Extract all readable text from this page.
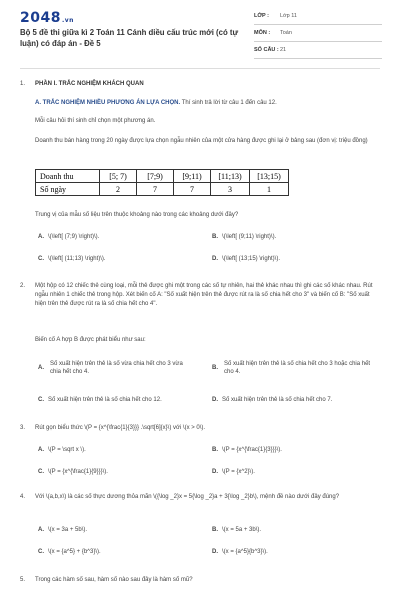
2048.vn
Bộ 5 đề thi giữa kì 2 Toán 11 Cánh diều cấu trúc mới (có tự luận) có đáp án - Đề 5
LỚP :	Lớp 11
MÔN :	Toán
SỐ CÂU : 21
1.	PHẦN I. TRẮC NGHIỆM KHÁCH QUAN
A. TRẮC NGHIỆM NHIỀU PHƯƠNG ÁN LỰA CHỌN. Thí sinh trả lời từ câu 1 đến câu 12.
Mỗi câu hỏi thí sinh chỉ chọn một phương án.
Doanh thu bán hàng trong 20 ngày được lựa chọn ngẫu nhiên của một cửa hàng được ghi lại ở bảng sau (đơn vị: triệu đồng)
Doanh thu	[5; 7)	[7;9)	[9;11)	[11;13)	[13;15)
Số ngày	2	7	7	3	1
Trung vị của mẫu số liệu trên thuộc khoảng nào trong các khoảng dưới đây?
A. \(\left[ (7;9) \right)\).	B. \(\left[ (9;11) \right)\).
C. \(\left[ (11;13) \right)\).	D. \(\left[ (13;15) \right)\).
2.	Một hộp có 12 chiếc thẻ cùng loại, mỗi thẻ được ghi một trong các số tự nhiên, hai thẻ khác nhau thì ghi các số khác nhau. Rút ngẫu nhiên 1 chiếc thẻ trong hộp. Xét biến cố A: "Số xuất hiện trên thẻ được rút ra là số chia hết cho 3" và biến cố B: "Số xuất hiện trên thẻ được rút ra là số chia hết cho 4".
Biến cố A hợp B được phát biểu như sau:
A.
Số xuất hiện trên thẻ là số vừa chia hết cho 3 vừa chia hết cho 4.
B.
Số xuất hiện trên thẻ là số chia hết cho 3 hoặc chia hết cho 4.
C. Số xuất hiện trên thẻ là số chia hết cho 12.	D. Số xuất hiện trên thẻ là số chia hết cho 7.
3.	Rút gọn biểu thức \(P = {x^{\frac{1}{3}}} .\sqrt[6]{x}\) với \(x > 0\).
A. \(P = \sqrt x \).	B. \(P = {x^{\frac{1}{3}}}\).
C. \(P = {x^{\frac{1}{9}}}\).	D. \(P = {x^2}\).
4.	Với \(a,b,x\) là các số thực dương thỏa mãn \({\log _2}x = 5{\log _2}a + 3{\log _2}b\), mệnh đề nào dưới đây đúng?
A. \(x = 3a + 5b\).	B. \(x = 5a + 3b\).
C. \(x = {a^5} + {b^3}\).	D. \(x = {a^5}{b^3}\).
5.	Trong các hàm số sau, hàm số nào sau đây là hàm số mũ?
